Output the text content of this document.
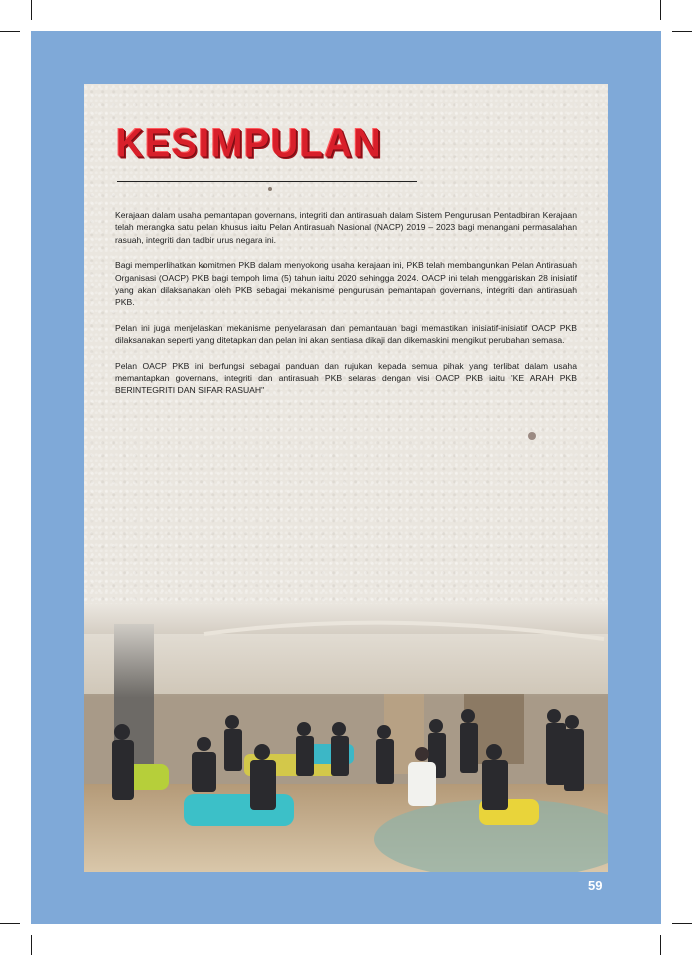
KESIMPULAN

Kerajaan dalam usaha pemantapan governans, integriti dan antirasuah dalam Sistem Pengurusan Pentadbiran Kerajaan telah merangka satu pelan khusus iaitu Pelan Antirasuah Nasional (NACP) 2019 – 2023 bagi menangani permasalahan rasuah, integriti dan tadbir urus negara ini.

Bagi memperlihatkan komitmen PKB dalam menyokong usaha kerajaan ini, PKB telah membangunkan Pelan Antirasuah Organisasi (OACP) PKB bagi tempoh lima (5) tahun iaitu 2020 sehingga 2024. OACP ini telah menggariskan 28 inisiatif yang akan dilaksanakan oleh PKB sebagai mekanisme pengurusan pemantapan governans, integriti dan antirasuah PKB.

Pelan ini juga menjelaskan mekanisme penyelarasan dan pemantauan bagi memastikan inisiatif-inisiatif OACP PKB dilaksanakan seperti yang ditetapkan dan pelan ini akan sentiasa dikaji dan dikemaskini mengikut perubahan semasa.

Pelan OACP PKB ini berfungsi sebagai panduan dan rujukan kepada semua pihak yang terlibat dalam usaha memantapkan governans, integriti dan antirasuah PKB selaras dengan visi OACP PKB iaitu 'KE ARAH PKB BERINTEGRITI DAN SIFAR RASUAH"

59
